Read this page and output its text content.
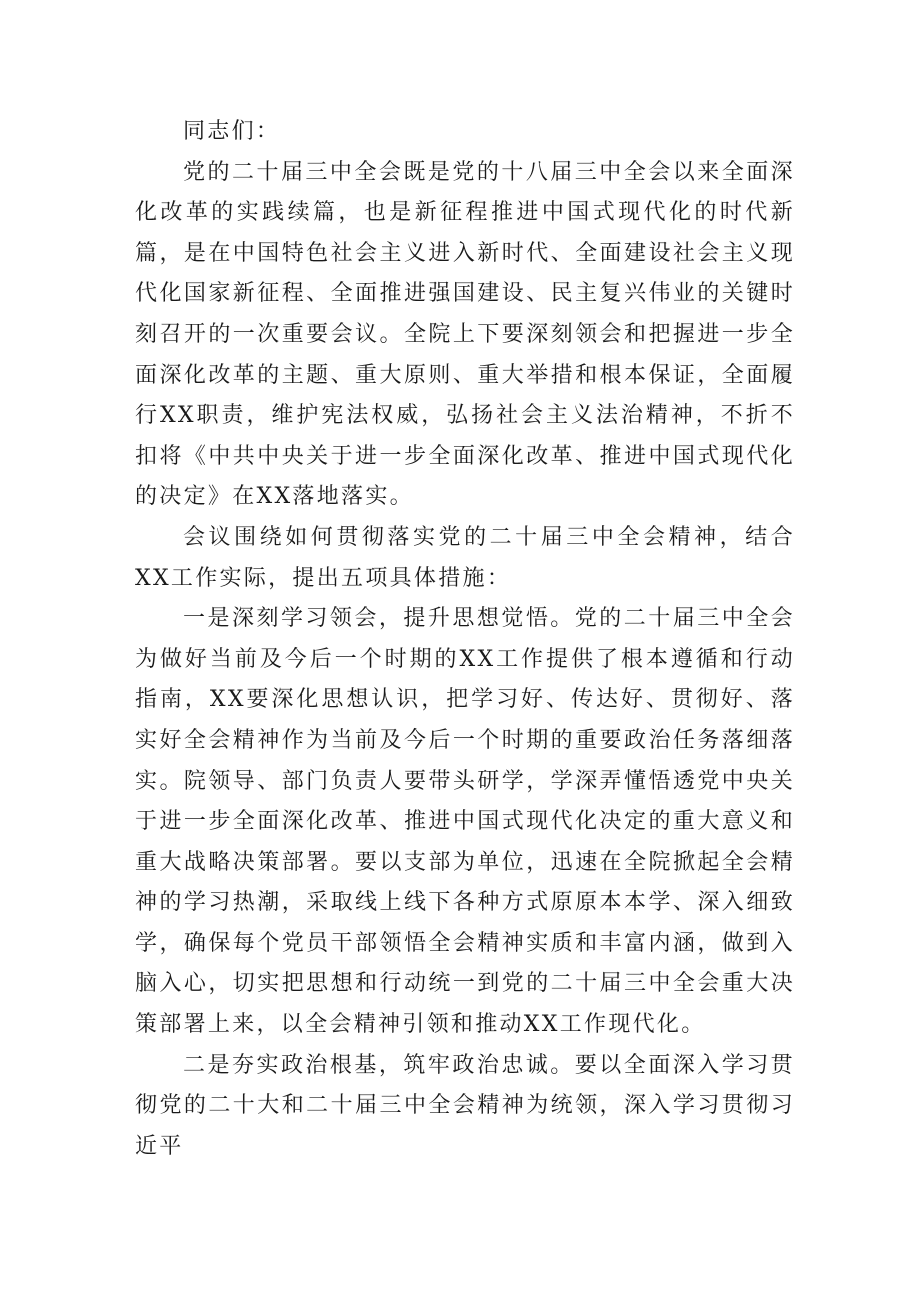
同志们：

党的二十届三中全会既是党的十八届三中全会以来全面深化改革的实践续篇，也是新征程推进中国式现代化的时代新篇，是在中国特色社会主义进入新时代、全面建设社会主义现代化国家新征程、全面推进强国建设、民主复兴伟业的关键时刻召开的一次重要会议。全院上下要深刻领会和把握进一步全面深化改革的主题、重大原则、重大举措和根本保证，全面履行XX职责，维护宪法权威，弘扬社会主义法治精神，不折不扣将《中共中央关于进一步全面深化改革、推进中国式现代化的决定》在XX落地落实。

会议围绕如何贯彻落实党的二十届三中全会精神，结合XX工作实际，提出五项具体措施：

一是深刻学习领会，提升思想觉悟。党的二十届三中全会为做好当前及今后一个时期的XX工作提供了根本遵循和行动指南，XX要深化思想认识，把学习好、传达好、贯彻好、落实好全会精神作为当前及今后一个时期的重要政治任务落细落实。院领导、部门负责人要带头研学，学深弄懂悟透党中央关于进一步全面深化改革、推进中国式现代化决定的重大意义和重大战略决策部署。要以支部为单位，迅速在全院掀起全会精神的学习热潮，采取线上线下各种方式原原本本学、深入细致学，确保每个党员干部领悟全会精神实质和丰富内涵，做到入脑入心，切实把思想和行动统一到党的二十届三中全会重大决策部署上来，以全会精神引领和推动XX工作现代化。

二是夯实政治根基，筑牢政治忠诚。要以全面深入学习贯彻党的二十大和二十届三中全会精神为统领，深入学习贯彻习近平
